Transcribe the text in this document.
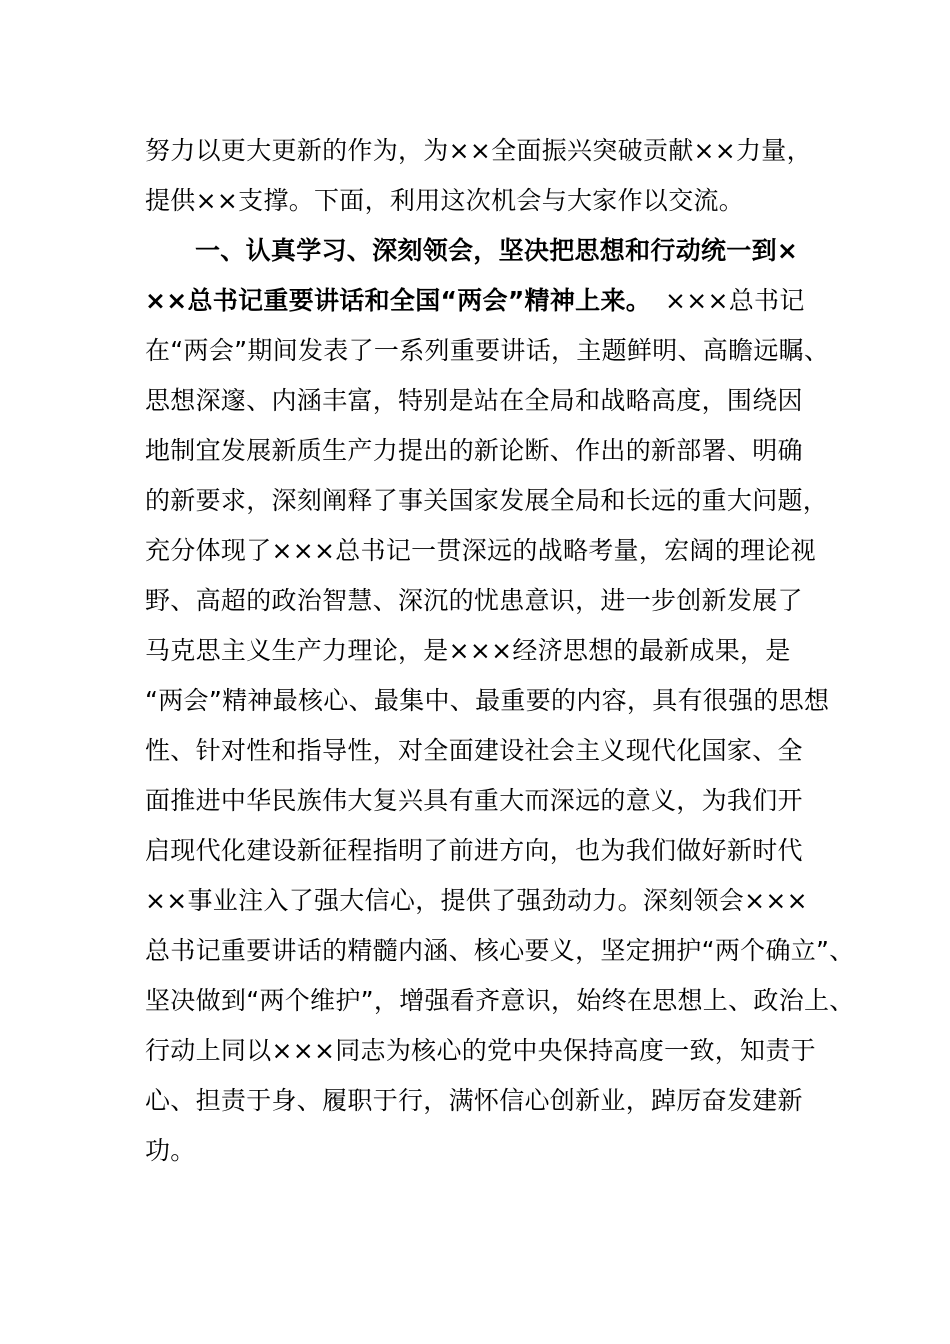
努力以更大更新的作为，为××全面振兴突破贡献××力量，
提供××支撑。下面，利用这次机会与大家作以交流。
一、认真学习、深刻领会，坚决把思想和行动统一到×
××总书记重要讲话和全国“两会”精神上来。 ×××总书记
在“两会”期间发表了一系列重要讲话，主题鲜明、高瞻远瞩、
思想深邃、内涵丰富，特别是站在全局和战略高度，围绕因
地制宜发展新质生产力提出的新论断、作出的新部署、明确
的新要求，深刻阐释了事关国家发展全局和长远的重大问题，
充分体现了×××总书记一贯深远的战略考量，宏阔的理论视
野、高超的政治智慧、深沉的忧患意识，进一步创新发展了
马克思主义生产力理论，是×××经济思想的最新成果，是
“两会”精神最核心、最集中、最重要的内容，具有很强的思想
性、针对性和指导性，对全面建设社会主义现代化国家、全
面推进中华民族伟大复兴具有重大而深远的意义，为我们开
启现代化建设新征程指明了前进方向，也为我们做好新时代
××事业注入了强大信心，提供了强劲动力。深刻领会×××
总书记重要讲话的精髓内涵、核心要义，坚定拥护“两个确立”、
坚决做到“两个维护”，增强看齐意识，始终在思想上、政治上、
行动上同以×××同志为核心的党中央保持高度一致，知责于
心、担责于身、履职于行，满怀信心创新业，踔厉奋发建新
功。
